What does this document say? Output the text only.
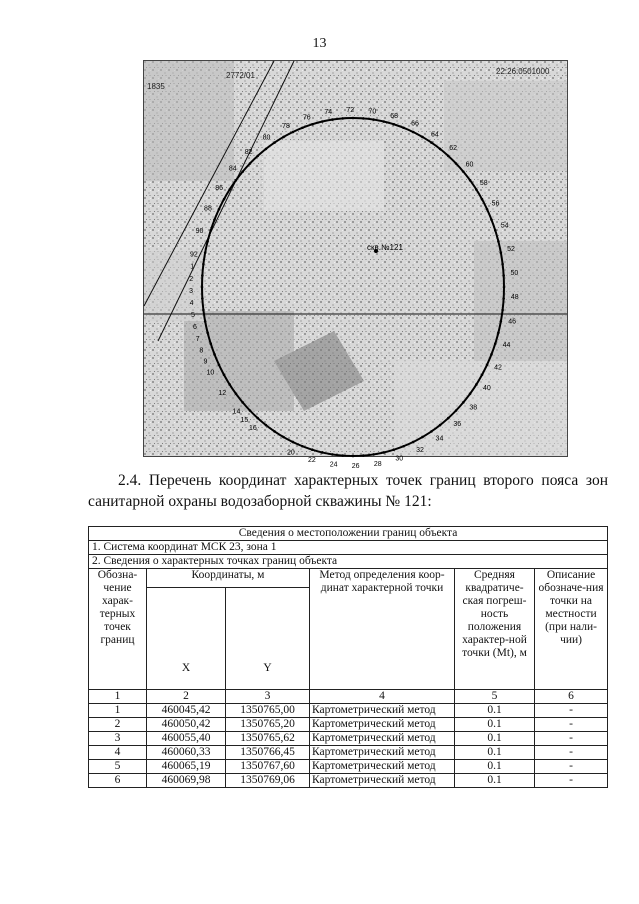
13
1835
2772/01	22:26:0501000
1
2
3
4
5
6
7
8
9
10
12
14
15
16
20
22
24 26 28
30
32
34
36
38
40
42
44
46
48
50
52
54
56
58
60
62
64
66
68
70
72
74
76
78
80
82
84
86
88
90
92
скв.№121
2.4. Перечень координат характерных точек границ второго пояса зон санитарной охраны водозаборной скважины № 121:
Сведения о местоположении границ объекта					
1. Система координат МСК 23, зона 1					
2. Сведения о характерных точках границ объекта					
Обозна-чение харак-терных точек границ	Координаты, м		Метод определения коор-динат характерной точки	Средняя квадратиче-ская погреш-ность положения характер-ной точки (Mt), м	Описание обозначе-ния точки на местности (при нали-чии)
	X	Y			
1	2	3	4	5	6
1	460045,42	1350765,00	Картометрический метод	0.1	-
2	460050,42	1350765,20	Картометрический метод	0.1	-
3	460055,40	1350765,62	Картометрический метод	0.1	-
4	460060,33	1350766,45	Картометрический метод	0.1	-
5	460065,19	1350767,60	Картометрический метод	0.1	-
6	460069,98	1350769,06	Картометрический метод	0.1	-
